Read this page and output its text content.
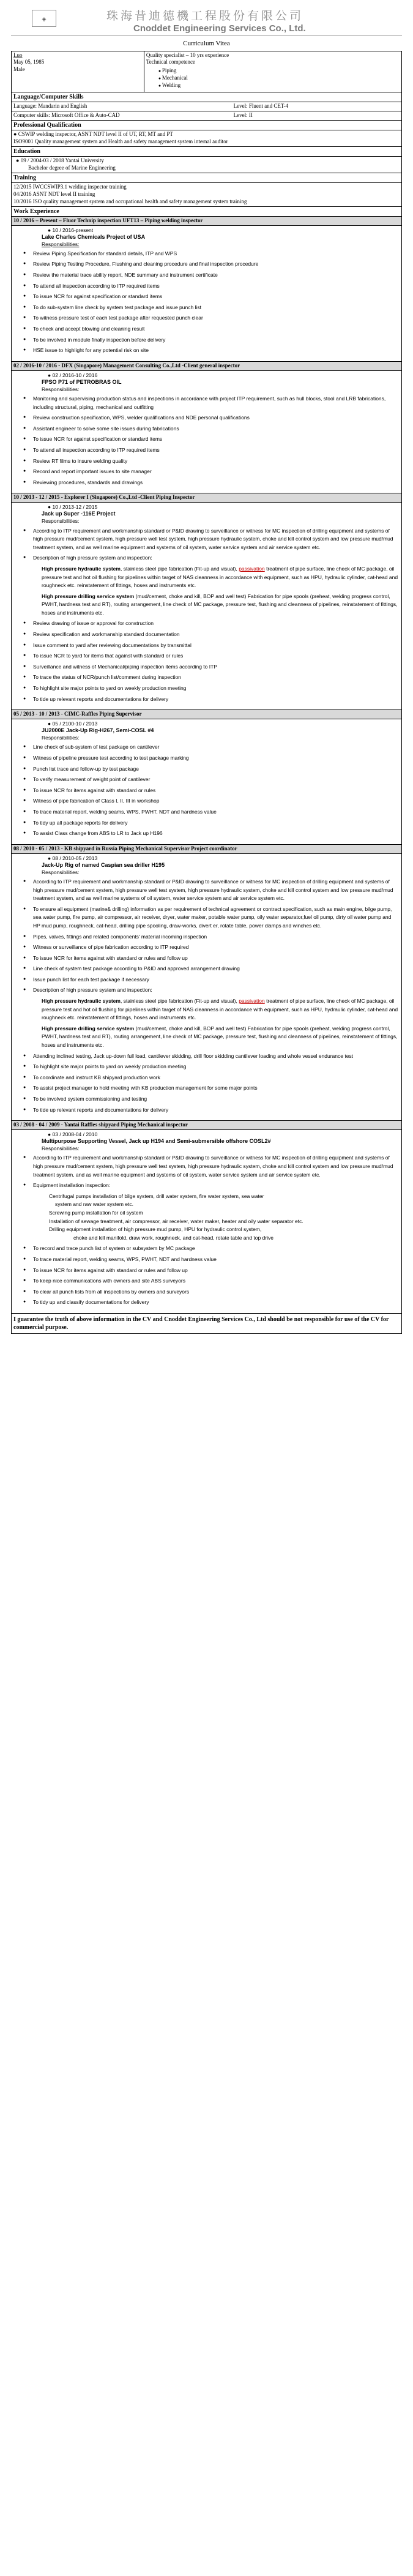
◈	珠海昔迪德機工程股份有限公司
Cnoddet Engineering Services Co., Ltd.
Curriculum Vitea
Luo
May 05, 1985
Male

Quality specialist – 10 yrs experience
Technical competence
● Piping
● Mechanical
● Welding
Language/Computer Skills
Language: Mandarin and English	Level: Fluent and CET-4
Computer skills: Microsoft Office & Auto-CAD	Level: II
Professional Qualification
● CSWIP welding inspector, ASNT NDT level II of UT, RT, MT and PT
ISO9001 Quality management system and Health and safety management system internal auditor
Education
● 09 / 2004-03 / 2008 Yantai University
Bachelor degree of Marine Engineering
Training
12/2015 IWCCSWIP3.1 welding inspector training
04/2016 ASNT NDT level II training
10/2016 ISO quality management system and occupational health and safety management system training
Work Experience
10 / 2016 – Present – Fluor Technip inspection UFT13 – Piping welding inspector
● 10 / 2016-present
Lake Charles Chemicals Project of USA
Responsibilities:
● Review Piping Specification for standard details, ITP and WPS
● Review Piping Testing Procedure, Flushing and cleaning procedure and final inspection procedure
● Review the material trace ability report, NDE summary and instrument certificate
● To attend all inspection according to ITP required items
● To issue NCR for against specification or standard items
● To do sub-system line check by system test package and issue punch list
● To witness pressure test of each test package after requested punch clear
● To check and accept blowing and cleaning result
● To be involved in module finally inspection before delivery
● HSE issue to highlight for any potential risk on site
02 / 2016-10 / 2016 - DFX (Singapore) Management Consulting Co.,Ltd -Client general inspector
● 02 / 2016-10 / 2016
FPSO P71 of PETROBRAS OIL
Responsibilities:
● Monitoring and supervising production status and inspections in accordance with project ITP requirement, such as hull blocks, stool and LRB fabrications, including structural, piping, mechanical and outfitting
● Review construction specification, WPS, welder qualifications and NDE personal qualifications
● Assistant engineer to solve some site issues during fabrications
● To issue NCR for against specification or standard items
● To attend all inspection according to ITP required items
● Review RT films to insure welding quality
● Record and report important issues to site manager
● Reviewing procedures, standards and drawings
10 / 2013 - 12 / 2015 - Explorer I (Singapore) Co.,Ltd -Client Piping Inspector
● 10 / 2013-12 / 2015
Jack up Super -116E Project
Responsibilities:
● According to ITP requirement and workmanship standard or P&ID drawing to surveillance or witness for MC inspection of drilling equipment and systems of high pressure mud/cement system, high pressure well test system, high pressure hydraulic system, choke and kill control system and low pressure mud/mud treatment system, and as well marine equipment and systems of oil system, water service system and air service system etc.
● Description of high pressure system and inspection:
High pressure hydraulic system, stainless steel pipe fabrication (Fit-up and visual), passivation treatment of pipe surface, line check of MC package, oil pressure test and hot oil flushing for pipelines within target of NAS cleanness in accordance with equipment, such as HPU, hydraulic cylinder, cat-head and roughneck etc. reinstatement of fittings, hoses and instruments etc.
High pressure drilling service system (mud/cement, choke and kill, BOP and well test) Fabrication for pipe spools (preheat, welding progress control, PWHT, hardness test and RT), routing arrangement, line check of MC package, pressure test, flushing and cleanness of pipelines, reinstatement of fittings, hoses and instruments etc.
● Review drawing of issue or approval for construction
● Review specification and workmanship standard documentation
● Issue comment to yard after reviewing documentations by transmittal
● To issue NCR to yard for items that against with standard or rules
● Surveillance and witness of Mechanical/piping inspection items according to ITP
● To trace the status of NCR/punch list/comment during inspection
● To highlight site major points to yard on weekly production meeting
● To tide up relevant reports and documentations for delivery
05 / 2013 - 10 / 2013 - CIMC-Raffles Piping Supervisor
● 05 / 2100-10 / 2013
JU2000E Jack-Up Rig-H267, Semi-COSL #4
Responsibilities:
● Line check of sub-system of test package on cantilever
● Witness of pipeline pressure test according to test package marking
● Punch list trace and follow-up by test package
● To verify measurement of weight point of cantilever
● To issue NCR for items against with standard or rules
● Witness of pipe fabrication of Class I, II, III in workshop
● To trace material report, welding seams, WPS, PWHT, NDT and hardness value
● To tidy up all package reports for delivery
● To assist Class change from ABS to LR to Jack up H196
08 / 2010 - 05 / 2013 - KB shipyard in Russia Piping Mechanical Supervisor Project coordinator
● 08 / 2010-05 / 2013
Jack-Up Rig of named Caspian sea driller H195
Responsibilities:
● According to ITP requirement and workmanship standard or P&ID drawing to surveillance or witness for MC inspection of drilling equipment and systems of high pressure mud/cement system, high pressure well test system, high pressure hydraulic system, choke and kill control system and low pressure mud/mud treatment system, and as well marine systems of oil system, water service system and air service system etc.
● To ensure all equipment (marine& drilling) information as per requirement of technical agreement or contract specification, such as main engine, bilge pump, sea water pump, fire pump, air compressor, air receiver, dryer, water maker, potable water pump, oily water separator,fuel oil pump, dirty oil water pump and HP mud pump, roughneck, cat-head, drilling pipe spooling, draw-works, divert er, rotate table, power clamps and winches etc.
● Pipes, valves, fittings and related components' material incoming inspection
● Witness or surveillance of pipe fabrication according to ITP required
● To issue NCR for items against with standard or rules and follow up
● Line check of system test package according to P&ID and approved arrangement drawing
● Issue punch list for each test package if necessary
● Description of high pressure system and inspection:
High pressure hydraulic system, stainless steel pipe fabrication (Fit-up and visual), passivation treatment of pipe surface, line check of MC package, oil pressure test and hot oil flushing for pipelines within target of NAS cleanness in accordance with equipment, such as HPU, hydraulic cylinder, cat-head and roughneck etc. reinstatement of fittings, hoses and instruments etc.
High pressure drilling service system (mud/cement, choke and kill, BOP and well test) Fabrication for pipe spools (preheat, welding progress control, PWHT, hardness test and RT), routing arrangement, line check of MC package, pressure test, flushing and cleanness of pipelines, reinstatement of fittings, hoses and instruments etc.
● Attending inclined testing, Jack up-down full load, cantilever skidding, drill floor skidding cantilever loading and whole vessel endurance test
● To highlight site major points to yard on weekly production meeting
● To coordinate and instruct KB shipyard production work
● To assist project manager to hold meeting with KB production management for some major points
● To be involved system commissioning and testing
● To tide up relevant reports and documentations for delivery
03 / 2008 - 04 / 2009 - Yantai Raffles shipyard Piping Mechanical inspector
● 03 / 2008-04 / 2010
Multipurpose Supporting Vessel, Jack up H194 and Semi-submersible offshore COSL2#
Responsibilities:
● According to ITP requirement and workmanship standard or P&ID drawing to surveillance or witness for MC inspection of drilling equipment and systems of high pressure mud/cement system, high pressure well test system, high pressure hydraulic system, choke and kill control system and low pressure mud/mud treatment system, and as well marine equipment and systems of oil system, water service system and air service system etc.
● Equipment installation inspection:
Centrifugal pumps installation of bilge system, drill water system, fire water system, sea water
system and raw water system etc.
Screwing pump installation for oil system
Installation of sewage treatment, air compressor, air receiver, water maker, heater and oily water separator etc.
Drilling equipment installation of high pressure mud pump, HPU for hydraulic control system,
choke and kill manifold, draw work, roughneck, and cat-head, rotate table and top drive
● To record and trace punch list of system or subsystem by MC package
● To trace material report, welding seams, WPS, PWHT, NDT and hardness value
● To issue NCR for items against with standard or rules and follow up
● To keep nice communications with owners and site ABS surveyors
● To clear all punch lists from all inspections by owners and surveyors
● To tidy up and classify documentations for delivery
I guarantee the truth of above information in the CV and Cnoddet Engineering Services Co., Ltd should be not responsible for use of the CV for commercial purpose.
